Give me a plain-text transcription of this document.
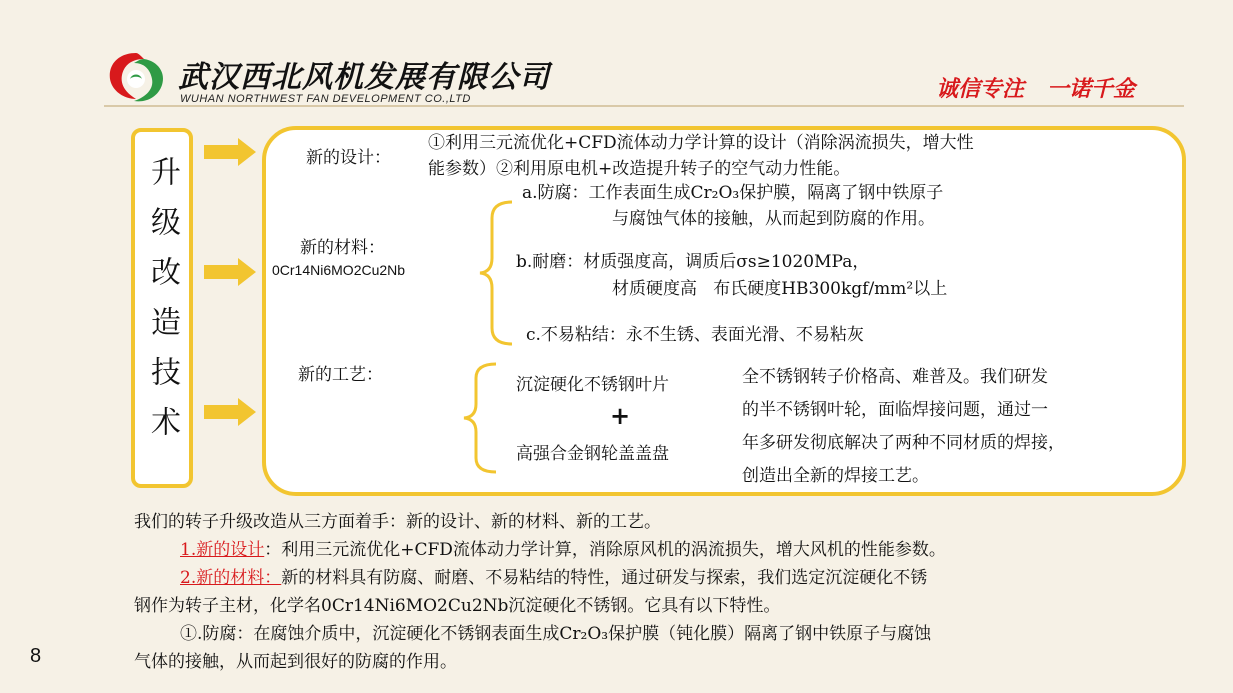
武汉西北风机发展有限公司
WUHAN NORTHWEST FAN DEVELOPMENT CO.,LTD	诚信专注   一诺千金
升级改造技术	新的设计：
①利用三元流优化+CFD流体动力学计算的设计（消除涡流损失，增大性
能参数）②利用原电机+改造提升转子的空气动力性能。
新的材料：
0Cr14Ni6MO2Cu2Nb
a.防腐：工作表面生成Cr₂O₃保护膜，隔离了钢中铁原子
与腐蚀气体的接触，从而起到防腐的作用。
b.耐磨：材质强度高，调质后σs≥1020MPa，
材质硬度高   布氏硬度HB300kgf/mm²以上
c.不易粘结：永不生锈、表面光滑、不易粘灰
新的工艺：	沉淀硬化不锈钢叶片
+
高强合金钢轮盖盖盘
全不锈钢转子价格高、难普及。我们研发
的半不锈钢叶轮，面临焊接问题，通过一
年多研发彻底解决了两种不同材质的焊接，
创造出全新的焊接工艺。
我们的转子升级改造从三方面着手：新的设计、新的材料、新的工艺。
1.新的设计：利用三元流优化+CFD流体动力学计算，消除原风机的涡流损失，增大风机的性能参数。
2.新的材料：新的材料具有防腐、耐磨、不易粘结的特性，通过研发与探索，我们选定沉淀硬化不锈
钢作为转子主材，化学名0Cr14Ni6MO2Cu2Nb沉淀硬化不锈钢。它具有以下特性。
①.防腐：在腐蚀介质中，沉淀硬化不锈钢表面生成Cr₂O₃保护膜（钝化膜）隔离了钢中铁原子与腐蚀
气体的接触，从而起到很好的防腐的作用。
8
